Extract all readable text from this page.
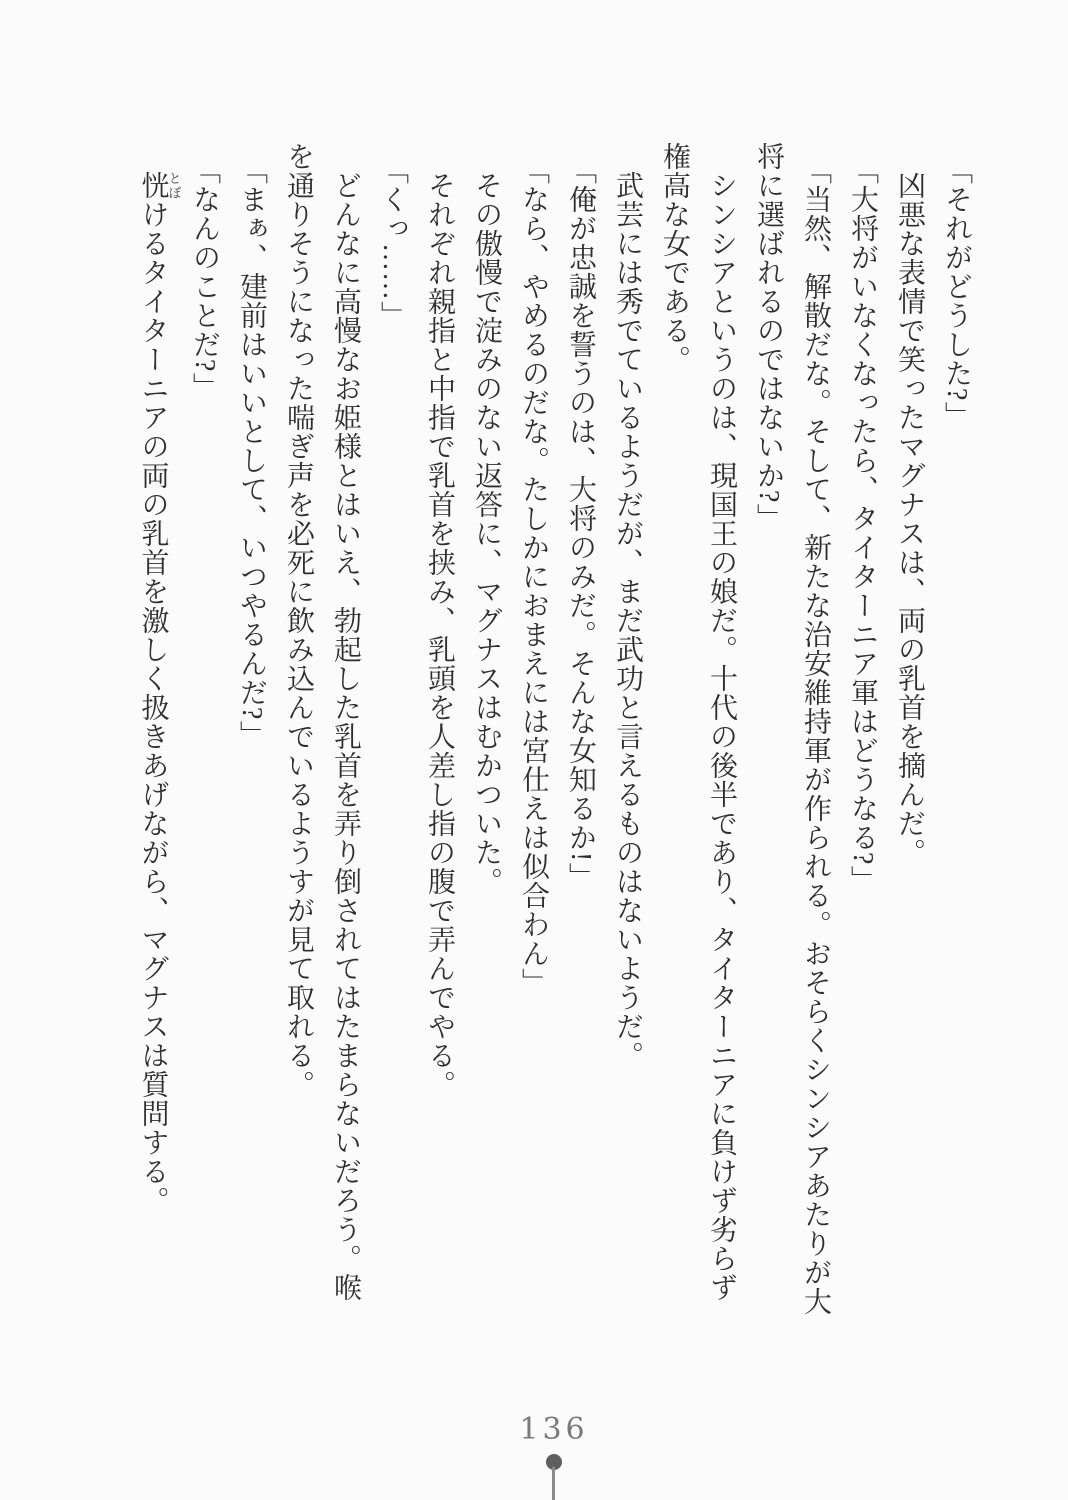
「それがどうした?」

凶悪な表情で笑ったマグナスは、両の乳首を摘んだ。

「大将がいなくなったら、タイターニア軍はどうなる?」

「当然、解散だな。そして、新たな治安維持軍が作られる。おそらくシンシアあたりが大

将に選ばれるのではないか?」

シンシアというのは、現国王の娘だ。十代の後半であり、タイターニアに負けず劣らず

権高な女である。

武芸には秀でているようだが、まだ武功と言えるものはないようだ。

「俺が忠誠を誓うのは、大将のみだ。そんな女知るか!」

「なら、やめるのだな。たしかにおまえには宮仕えは似合わん」

その傲慢で淀みのない返答に、マグナスはむかついた。

それぞれ親指と中指で乳首を挟み、乳頭を人差し指の腹で弄んでやる。

「くっ……」

どんなに高慢なお姫様とはいえ、勃起した乳首を弄り倒されてはたまらないだろう。喉

を通りそうになった喘ぎ声を必死に飲み込んでいるようすが見て取れる。

「まぁ、建前はいいとして、いつやるんだ?」

「なんのことだ?」

恍とぼけるタイターニアの両の乳首を激しく扱きあげながら、マグナスは質問する。

136
